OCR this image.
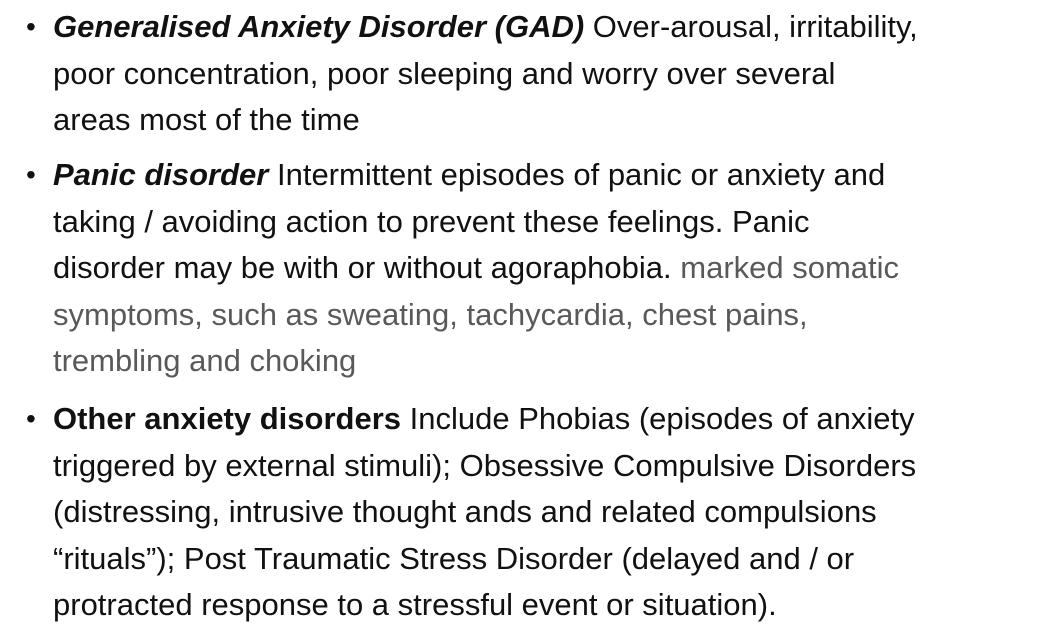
• Generalised Anxiety Disorder (GAD) Over-arousal, irritability,
poor concentration, poor sleeping and worry over several
areas most of the time
• Panic disorder Intermittent episodes of panic or anxiety and
taking / avoiding action to prevent these feelings. Panic
disorder may be with or without agoraphobia. marked somatic
symptoms, such as sweating, tachycardia, chest pains,
trembling and choking
• Other anxiety disorders Include Phobias (episodes of anxiety
triggered by external stimuli); Obsessive Compulsive Disorders
(distressing, intrusive thought ands and related compulsions
“rituals”); Post Traumatic Stress Disorder (delayed and / or
protracted response to a stressful event or situation).
